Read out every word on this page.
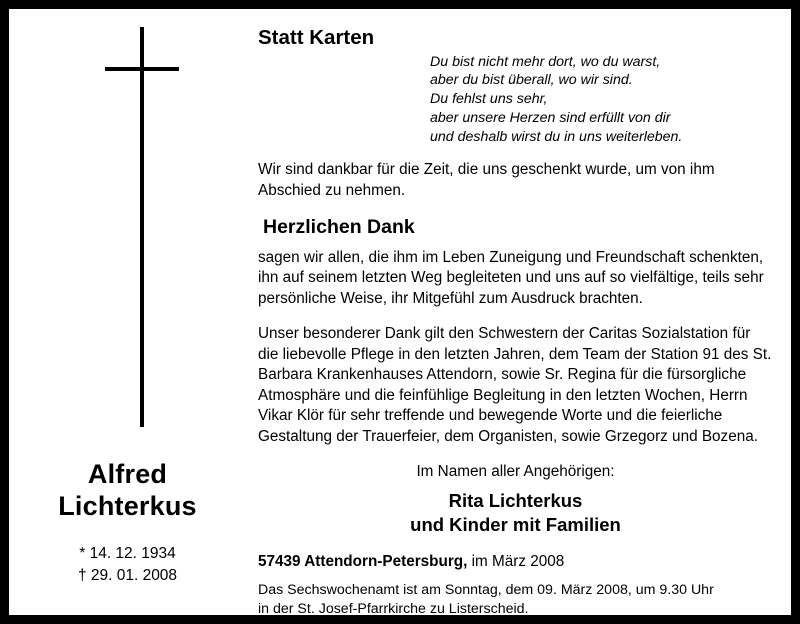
Alfred
Lichterkus
* 14. 12. 1934
† 29. 01. 2008
Statt Karten
Du bist nicht mehr dort, wo du warst,
aber du bist überall, wo wir sind.
Du fehlst uns sehr,
aber unsere Herzen sind erfüllt von dir
und deshalb wirst du in uns weiterleben.

Wir sind dankbar für die Zeit, die uns geschenkt wurde, um von ihm Abschied zu nehmen.

Herzlichen Dank

sagen wir allen, die ihm im Leben Zuneigung und Freundschaft schenkten, ihn auf seinem letzten Weg begleiteten und uns auf so vielfältige, teils sehr persönliche Weise, ihr Mitgefühl zum Ausdruck brachten.

Unser besonderer Dank gilt den Schwestern der Caritas Sozialstation für die liebevolle Pflege in den letzten Jahren, dem Team der Station 91 des St. Barbara Krankenhauses Attendorn, sowie Sr. Regina für die fürsorgliche Atmosphäre und die feinfühlige Begleitung in den letzten Wochen, Herrn Vikar Klör für sehr treffende und bewegende Worte und die feierliche Gestaltung der Trauerfeier, dem Organisten, sowie Grzegorz und Bozena.

Im Namen aller Angehörigen:
Rita Lichterkus
und Kinder mit Familien
57439 Attendorn-Petersburg, im März 2008
Das Sechswochenamt ist am Sonntag, dem 09. März 2008, um 9.30 Uhr
in der St. Josef-Pfarrkirche zu Listerscheid.
